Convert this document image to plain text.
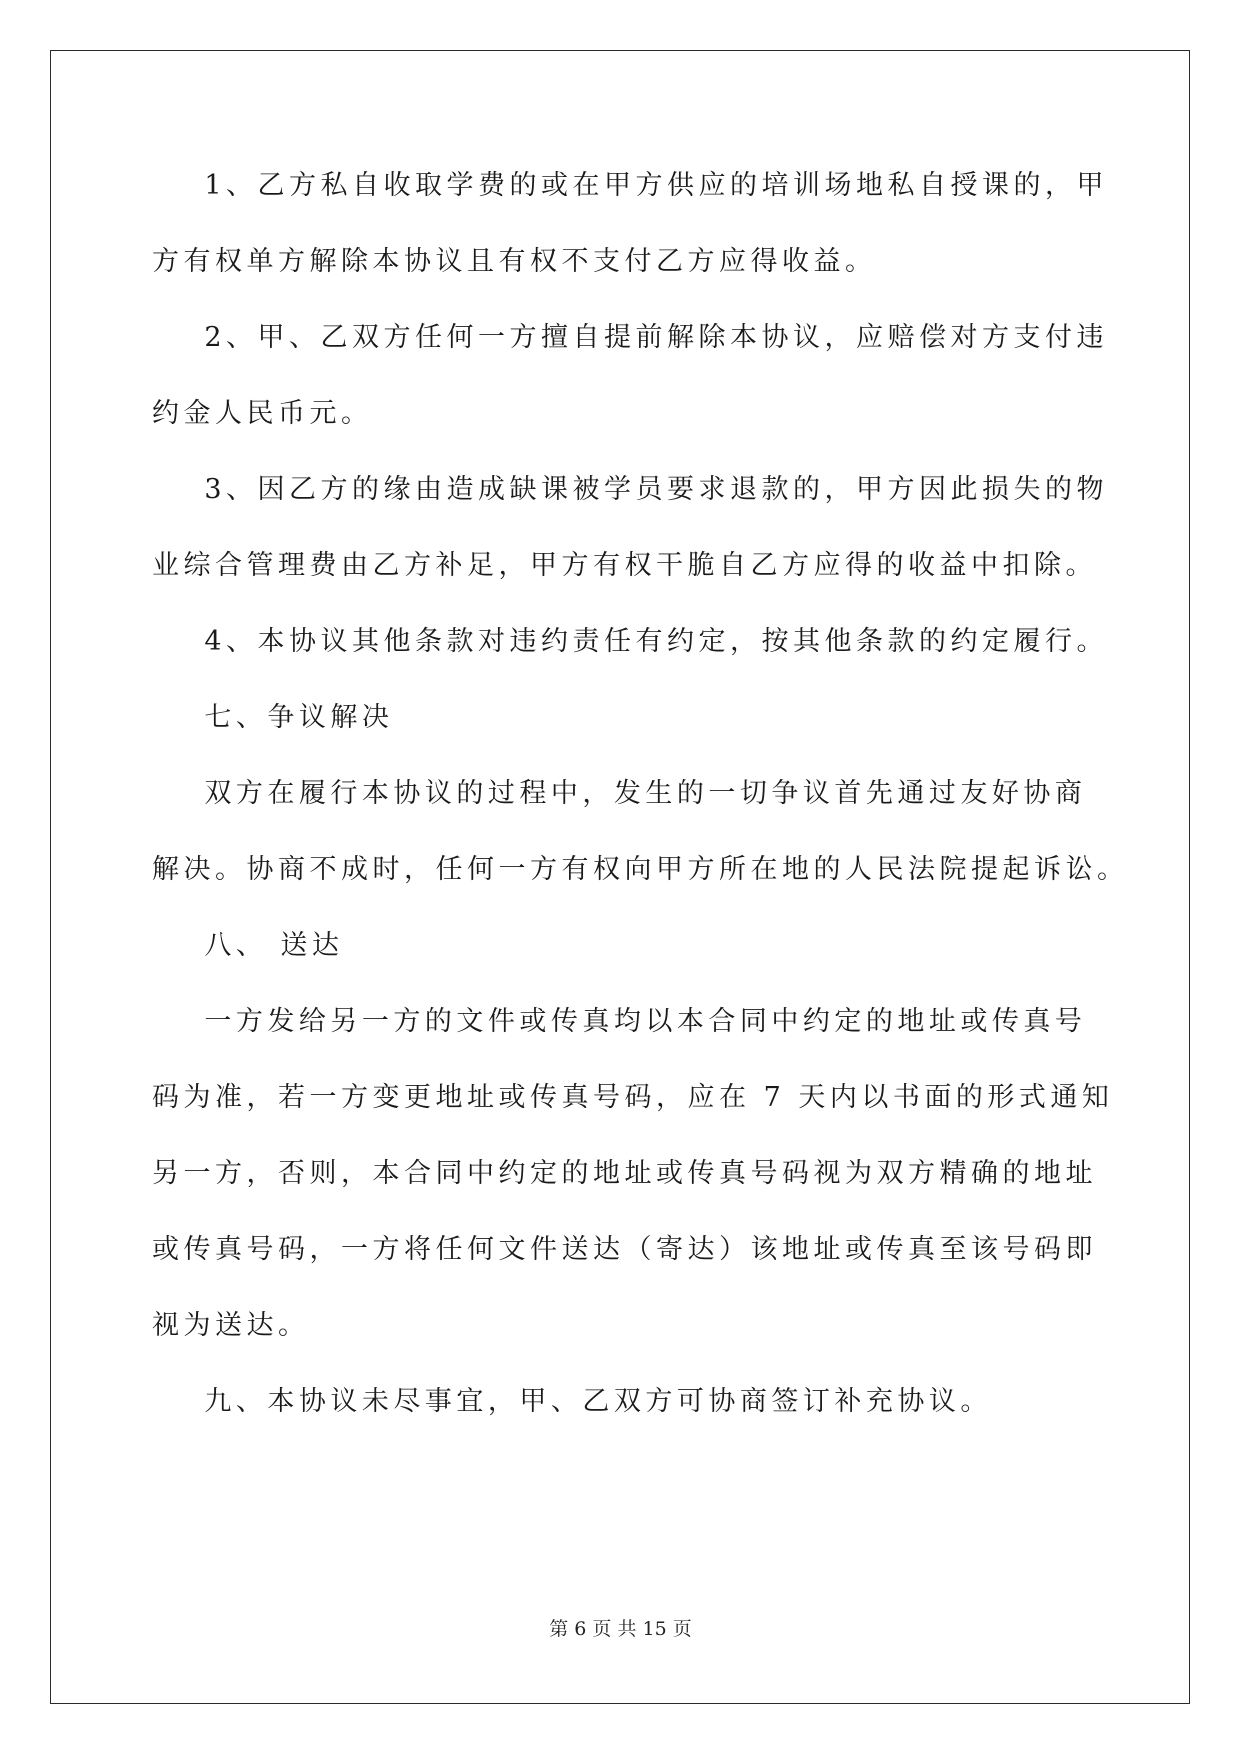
1、乙方私自收取学费的或在甲方供应的培训场地私自授课的，甲
方有权单方解除本协议且有权不支付乙方应得收益。
2、甲、乙双方任何一方擅自提前解除本协议，应赔偿对方支付违
约金人民币元。
3、因乙方的缘由造成缺课被学员要求退款的，甲方因此损失的物
业综合管理费由乙方补足，甲方有权干脆自乙方应得的收益中扣除。
4、本协议其他条款对违约责任有约定，按其他条款的约定履行。
七、争议解决
双方在履行本协议的过程中，发生的一切争议首先通过友好协商
解决。协商不成时，任何一方有权向甲方所在地的人民法院提起诉讼。
八、 送达
一方发给另一方的文件或传真均以本合同中约定的地址或传真号
码为准，若一方变更地址或传真号码，应在 7 天内以书面的形式通知
另一方，否则，本合同中约定的地址或传真号码视为双方精确的地址
或传真号码，一方将任何文件送达（寄达）该地址或传真至该号码即
视为送达。
九、本协议未尽事宜，甲、乙双方可协商签订补充协议。
第 6 页 共 15 页
